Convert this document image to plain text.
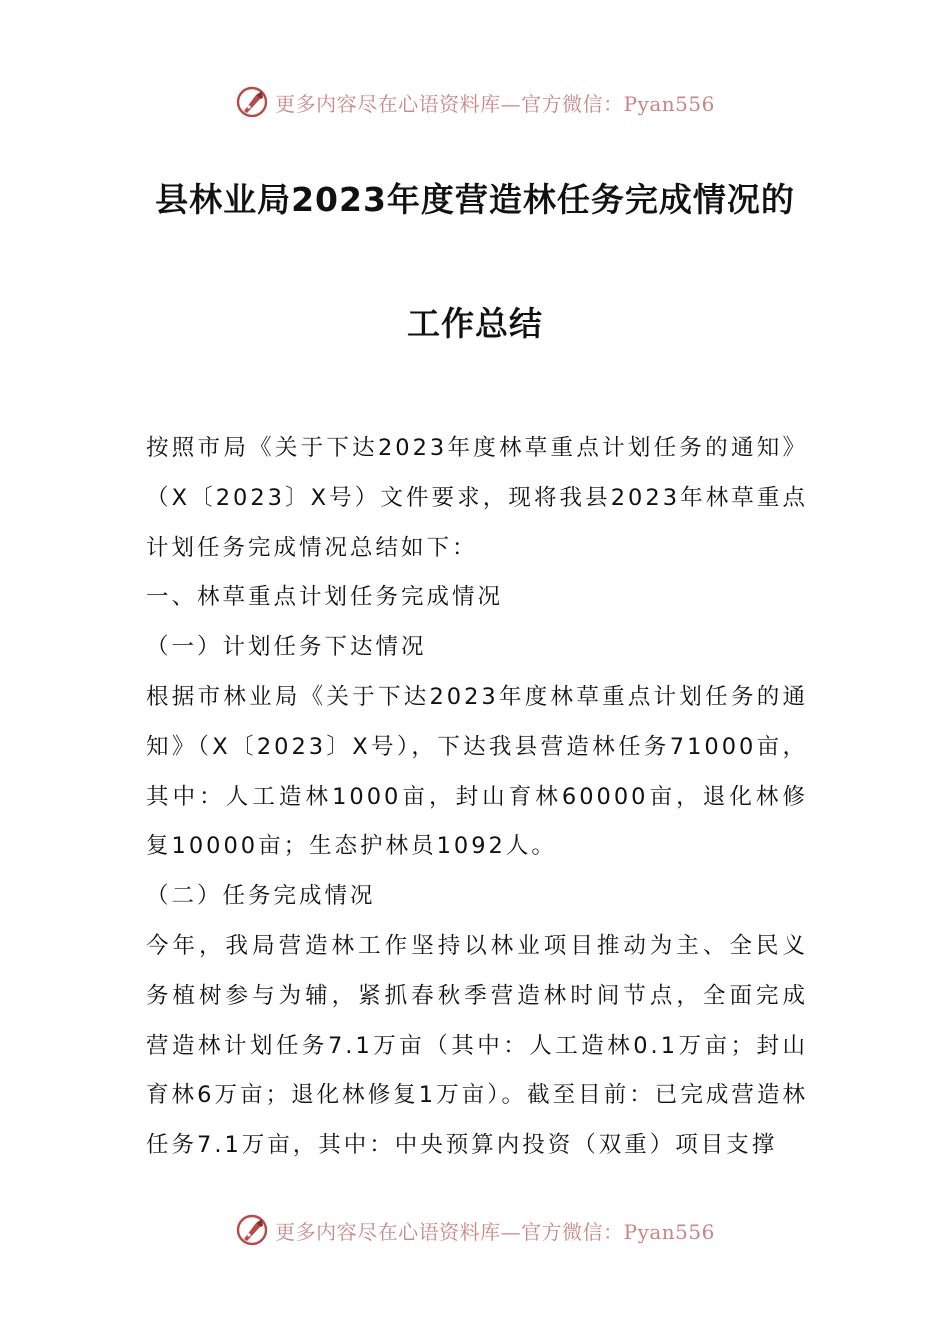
更多内容尽在心语资料库—官方微信：Pyan556
县林业局2023年度营造林任务完成情况的
工作总结

按照市局《关于下达2023年度林草重点计划任务的通知》（X〔2023〕X号）文件要求，现将我县2023年林草重点计划任务完成情况总结如下：

一、林草重点计划任务完成情况

（一）计划任务下达情况

根据市林业局《关于下达2023年度林草重点计划任务的通知》（X〔2023〕X号），下达我县营造林任务71000亩，其中：人工造林1000亩，封山育林60000亩，退化林修复10000亩；生态护林员1092人。

（二）任务完成情况

今年，我局营造林工作坚持以林业项目推动为主、全民义务植树参与为辅，紧抓春秋季营造林时间节点，全面完成营造林计划任务7.1万亩（其中：人工造林0.1万亩；封山育林6万亩；退化林修复1万亩）。截至目前：已完成营造林任务7.1万亩，其中：中央预算内投资（双重）项目支撑

更多内容尽在心语资料库—官方微信：Pyan556
